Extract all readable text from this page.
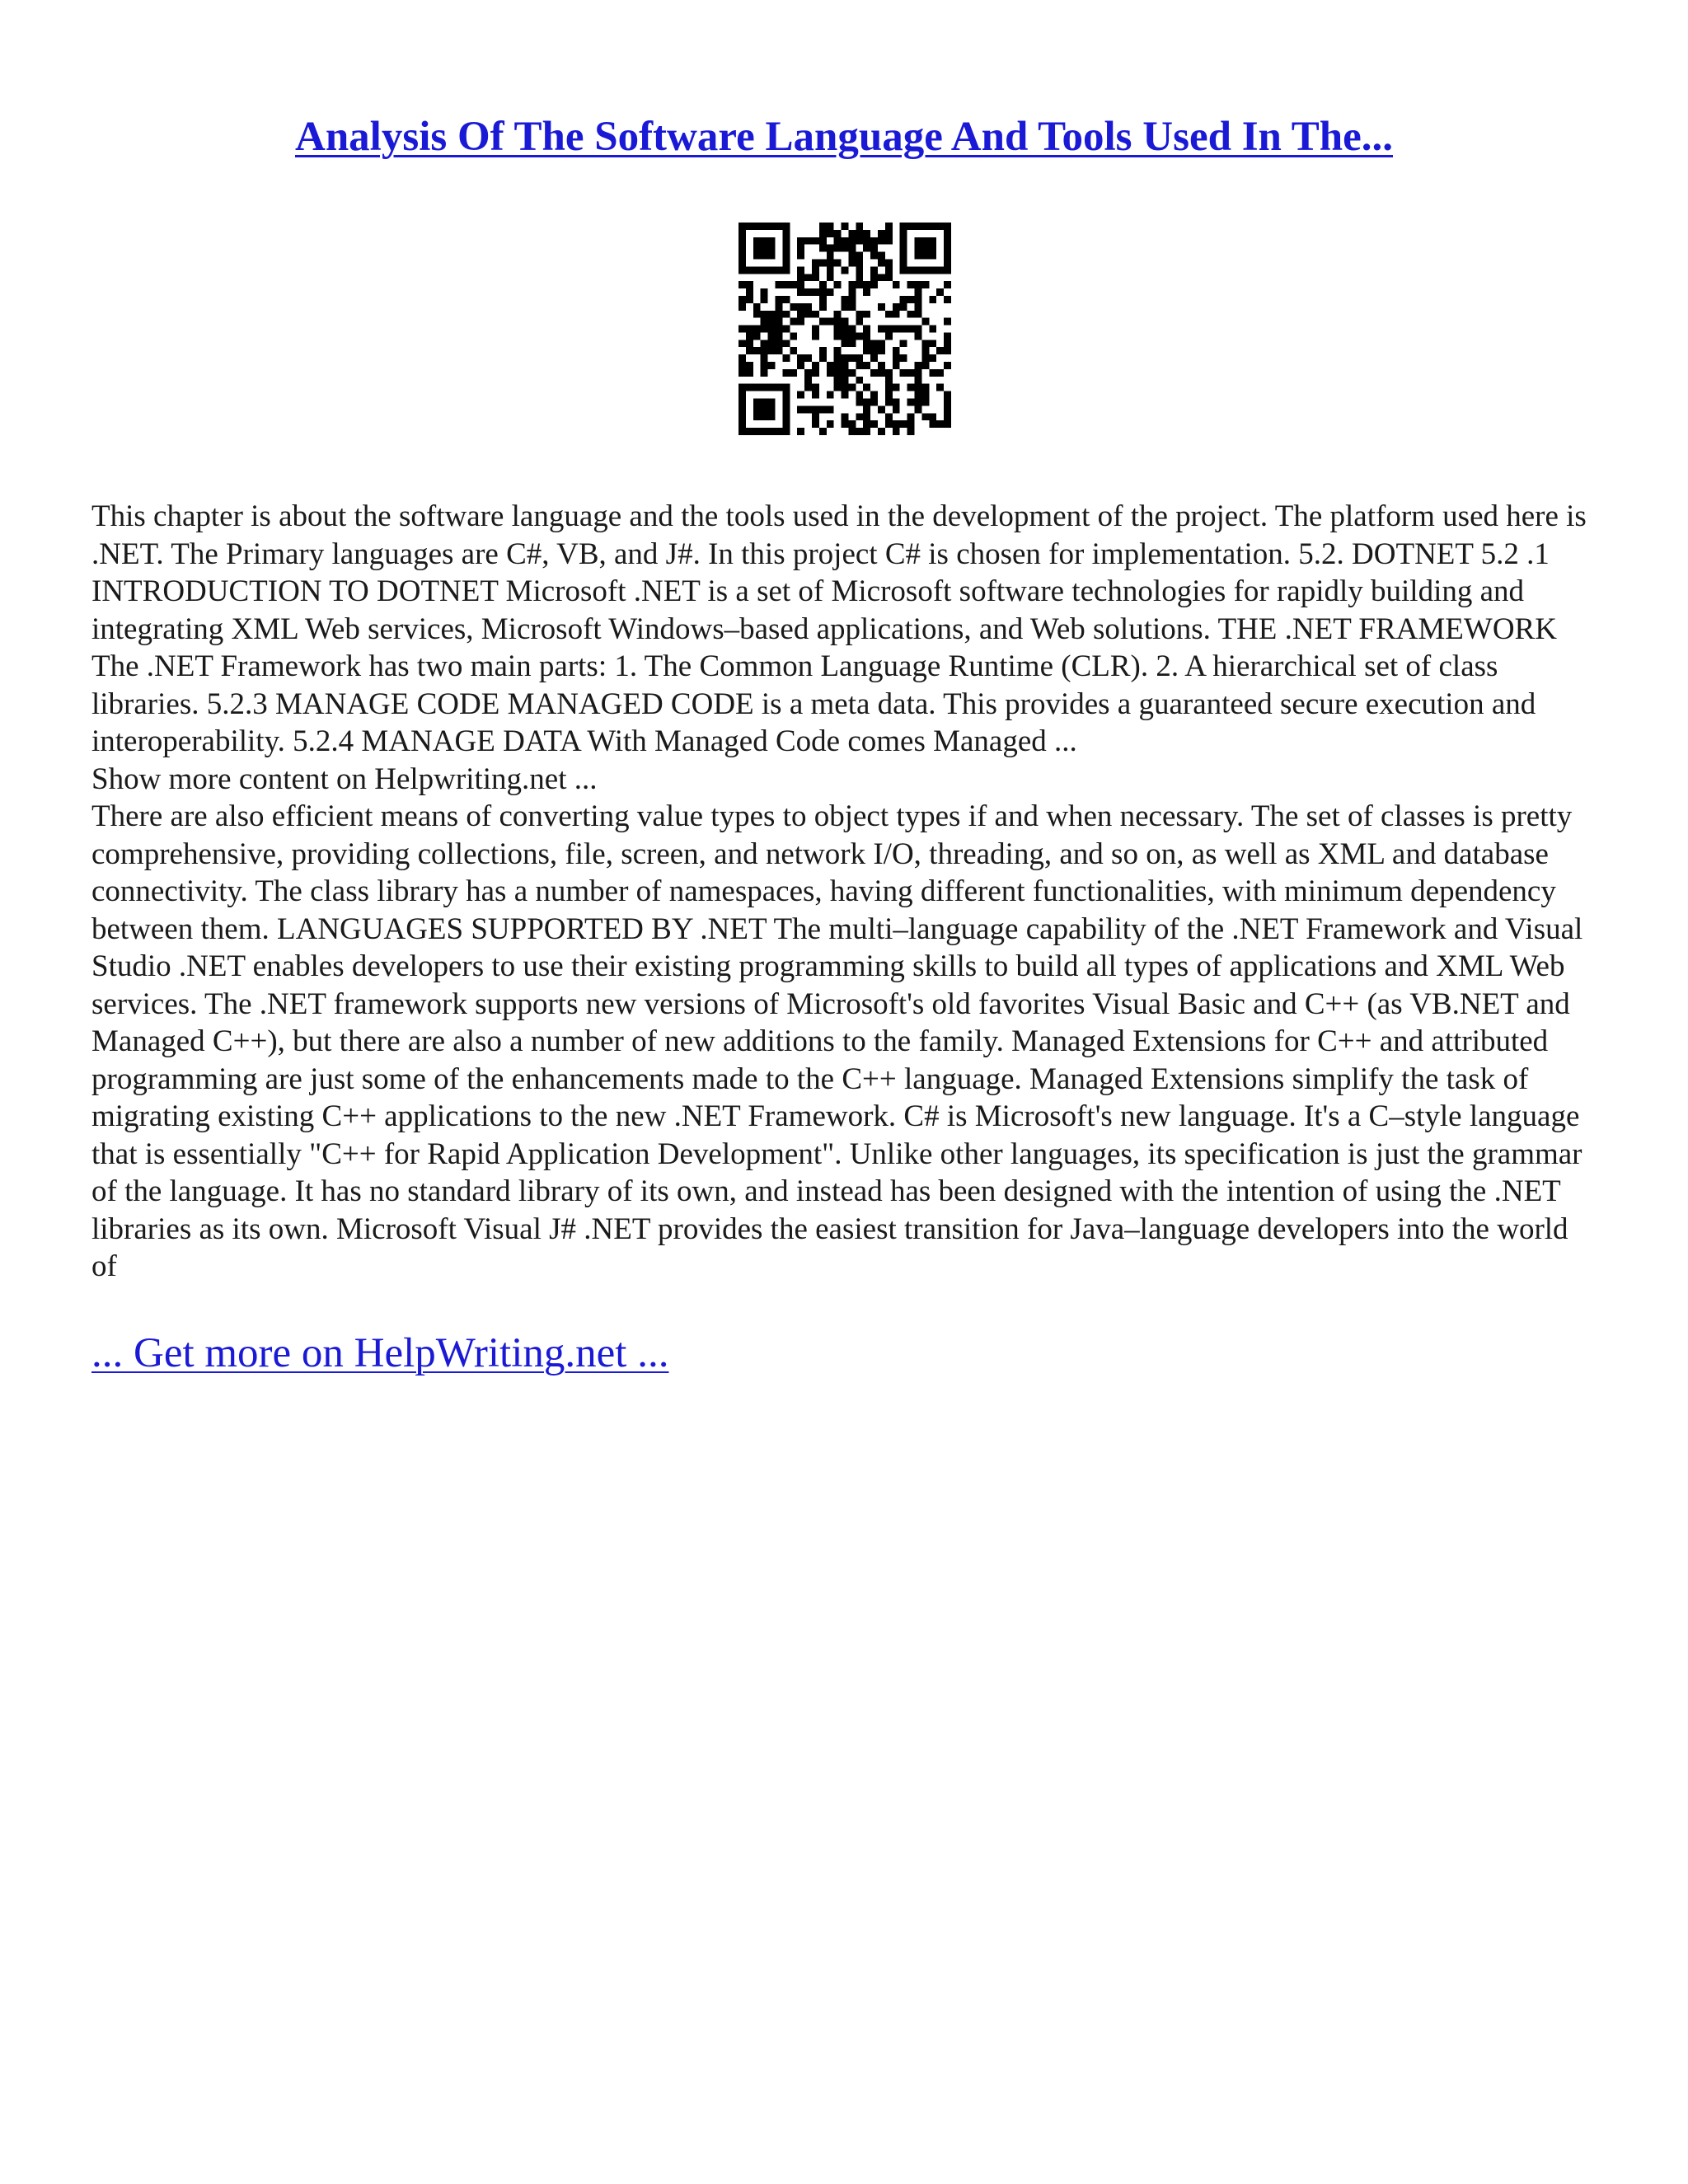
Analysis Of The Software Language And Tools Used In The...

This chapter is about the software language and the tools used in the development of the project. The platform used here is .NET. The Primary languages are C#, VB, and J#. In this project C# is chosen for implementation. 5.2. DOTNET 5.2 .1 INTRODUCTION TO DOTNET Microsoft .NET is a set of Microsoft software technologies for rapidly building and integrating XML Web services, Microsoft Windows–based applications, and Web solutions. THE .NET FRAMEWORK The .NET Framework has two main parts: 1. The Common Language Runtime (CLR). 2. A hierarchical set of class libraries. 5.2.3 MANAGE CODE MANAGED CODE is a meta data. This provides a guaranteed secure execution and interoperability. 5.2.4 MANAGE DATA With Managed Code comes Managed ...

Show more content on Helpwriting.net ...

There are also efficient means of converting value types to object types if and when necessary. The set of classes is pretty comprehensive, providing collections, file, screen, and network I/O, threading, and so on, as well as XML and database connectivity. The class library has a number of namespaces, having different functionalities, with minimum dependency between them. LANGUAGES SUPPORTED BY .NET The multi–language capability of the .NET Framework and Visual Studio .NET enables developers to use their existing programming skills to build all types of applications and XML Web services. The .NET framework supports new versions of Microsoft's old favorites Visual Basic and C++ (as VB.NET and Managed C++), but there are also a number of new additions to the family. Managed Extensions for C++ and attributed programming are just some of the enhancements made to the C++ language. Managed Extensions simplify the task of migrating existing C++ applications to the new .NET Framework. C# is Microsoft's new language. It's a C–style language that is essentially "C++ for Rapid Application Development". Unlike other languages, its specification is just the grammar of the language. It has no standard library of its own, and instead has been designed with the intention of using the .NET libraries as its own. Microsoft Visual J# .NET provides the easiest transition for Java–language developers into the world of

... Get more on HelpWriting.net ...
